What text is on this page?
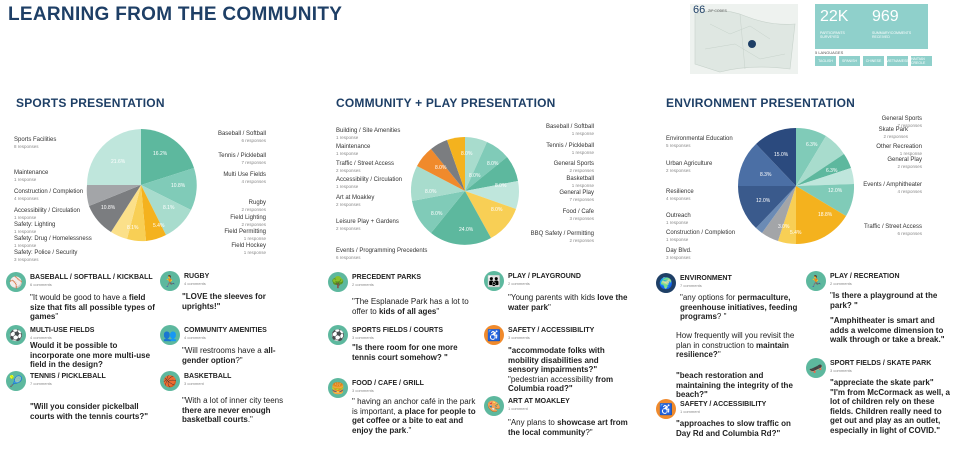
LEARNING FROM THE COMMUNITY	66 ZIP CODES	22K
PARTICIPANTS SURVEYED
969
SUMMARY/COMMENTS RECEIVED
5 LANGUAGES
TAGLISH	SPANISH	CHINESE	VIETNAMESE HAITIAN CREOLE
SPORTS PRESENTATION
16.2%
10.8%
8.1%
5.4%
8.1%
10.8%
21.6%
Sports Facilities
8 responses
Maintenance
1 response
Construction / Completion
4 responses
Accessibility / Circulation
1 response
Safety: Lighting
1 response
Safety: Drug / Homelessness
1 response
Safety: Police / Security
3 responses
Baseball / Softball
6 responses
Tennis / Pickleball
7 responses
Multi Use Fields
4 responses
Rugby
2 responses
Field Lighting
2 responses
Field Permitting
1 response
Field Hockey
1 response
⚾	BASEBALL / SOFTBALL / KICKBALL
6 comments
"It would be good to have a field size that fits all possible types of games"
🏃	RUGBY
4 comments
"LOVE the sleeves for uprights!"
⚽	MULTI-USE FIELDS
4 comments
Would it be possible to incorporate one more multi-use field in the design?
👥	COMMUNITY AMENITIES
4 comments
"Will restrooms have a all-gender option?"
🎾	TENNIS / PICKLEBALL
7 comments
"Will you consider pickelball courts with the tennis courts?"
🏀	BASKETBALL
3 comment
"With a lot of inner city teens there are never enough basketball courts."
COMMUNITY + PLAY PRESENTATION
24.0%
8.0%
8.0%
8.0%
8.0%
8.0%
8.0%
8.0%
8.0%
Building / Site Amenities
1 response
Maintenance
1 response
Traffic / Street Access
2 responses
Accessibility / Circulation
1 response
Art at Moakley
2 responses
Leisure Play + Gardens
2 responses
Events / Programming Precedents
6 responses
Baseball / Softball
1 response
Tennis / Pickleball
1 response
General Sports
2 responses
Basketball
1 response
General Play
7 responses
Food / Cafe
3 responses
BBQ Safety / Permitting
2 responses
🌳	PRECEDENT PARKS
2 comments
"The Esplanade Park has a lot to offer to kids of all ages"
👪	PLAY / PLAYGROUND
2 comments
"Young parents with kids love the water park"
⚽	SPORTS FIELDS / COURTS
3 comments
"Is there room for one more tennis court somehow? "
♿	SAFETY / ACCESSIBILITY
3 comments
"accommodate folks with mobility disabilities and sensory impairments?"
"pedestrian accessibility from Columbia road?"
🍔	FOOD / CAFE / GRILL
3 comments
" having an anchor café in the park is important, a place for people to get coffee or a bite to eat and enjoy the park."
🎨	ART AT MOAKLEY
1 comment
"Any plans to showcase art from the local community?"
ENVIRONMENT PRESENTATION
15.0%
8.3%
12.0%
3.0%
5.4%
18.8%
12.0%
6.3%
6.3%
Environmental Education
5 responses
Urban Agriculture
2 responses
Resilience
4 responses
Outreach
1 response
Construction / Completion
1 response
Day Blvd.
3 responses
General Sports
7 responses
Skate Park
2 responses
Other Recreation
1 response
General Play
2 responses
Events / Amphitheater
4 responses
Traffic / Street Access
6 responses
🌍	ENVIRONMENT
7 comments
"any options for permaculture, greenhouse initiatives, feeding programs? "
How frequently will you revisit the plan in construction to maintain resilience?"
"beach restoration and maintaining the integrity of the beach?"
♿	SAFETY / ACCESSIBILITY
1 comment
"approaches to slow traffic on Day Rd and Columbia Rd?"
🏃	PLAY / RECREATION
2 comments
"Is there a playground at the park? "
"Amphitheater is smart and adds a welcome dimension to walk through or take a break."
🛹	SPORT FIELDS / SKATE PARK
3 comments
"appreciate the skate park"
"I'm from McCormack as well, a lot of children rely on these fields. Children really need to get out and play as an outlet, especially in light of COVID."
